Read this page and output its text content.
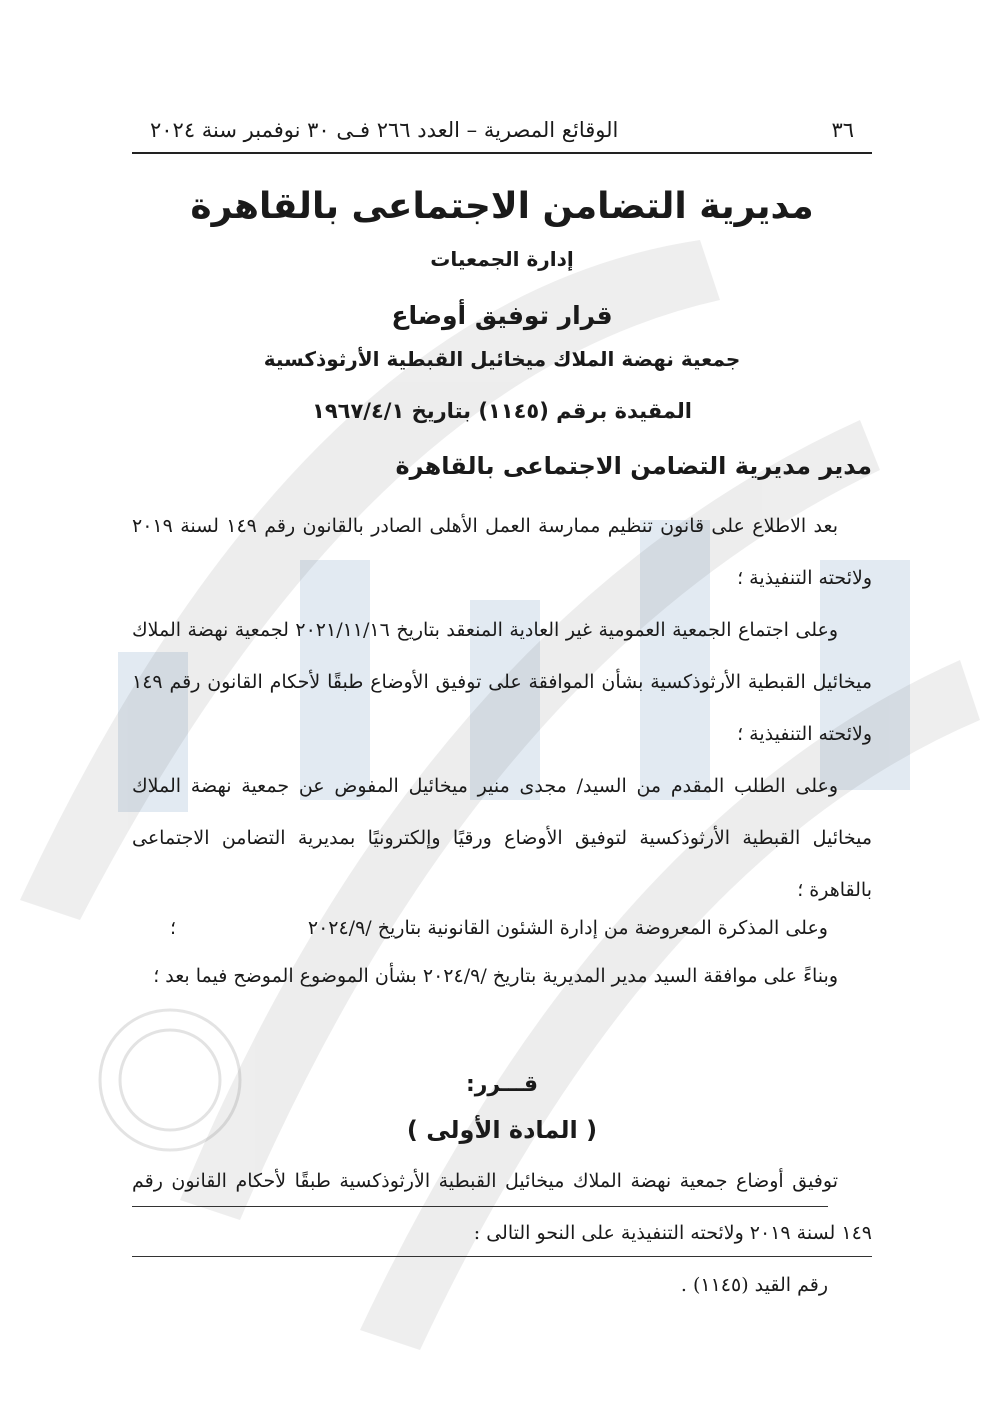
٣٦
الوقائع المصرية – العدد ٢٦٦ فـى ٣٠ نوفمبر سنة ٢٠٢٤
مديرية التضامن الاجتماعى بالقاهرة
إدارة الجمعيات
قرار توفيق أوضاع
جمعية نهضة الملاك ميخائيل القبطية الأرثوذكسية
المقيدة برقم (١١٤٥) بتاريخ ١٩٦٧/٤/١
مدير مديرية التضامن الاجتماعى بالقاهرة
بعد الاطلاع على قانون تنظيم ممارسة العمل الأهلى الصادر بالقانون رقم ١٤٩ لسنة ٢٠١٩ ولائحته التنفيذية ؛
وعلى اجتماع الجمعية العمومية غير العادية المنعقد بتاريخ ٢٠٢١/١١/١٦ لجمعية نهضة الملاك ميخائيل القبطية الأرثوذكسية بشأن الموافقة على توفيق الأوضاع طبقًا لأحكام القانون رقم ١٤٩ ولائحته التنفيذية ؛
وعلى الطلب المقدم من السيد/ مجدى منير ميخائيل المفوض عن جمعية نهضة الملاك ميخائيل القبطية الأرثوذكسية لتوفيق الأوضاع ورقيًا وإلكترونيًا بمديرية التضامن الاجتماعى بالقاهرة ؛
وعلى المذكرة المعروضة من إدارة الشئون القانونية بتاريخ /٢٠٢٤/٩
؛
وبناءً على موافقة السيد مدير المديرية بتاريخ /٢٠٢٤/٩ بشأن الموضوع الموضح فيما بعد ؛
قـــرر:
( المادة الأولى )
توفيق أوضاع جمعية نهضة الملاك ميخائيل القبطية الأرثوذكسية طبقًا لأحكام القانون رقم ١٤٩ لسنة ٢٠١٩ ولائحته التنفيذية على النحو التالى :
رقم القيد (١١٤٥) .
